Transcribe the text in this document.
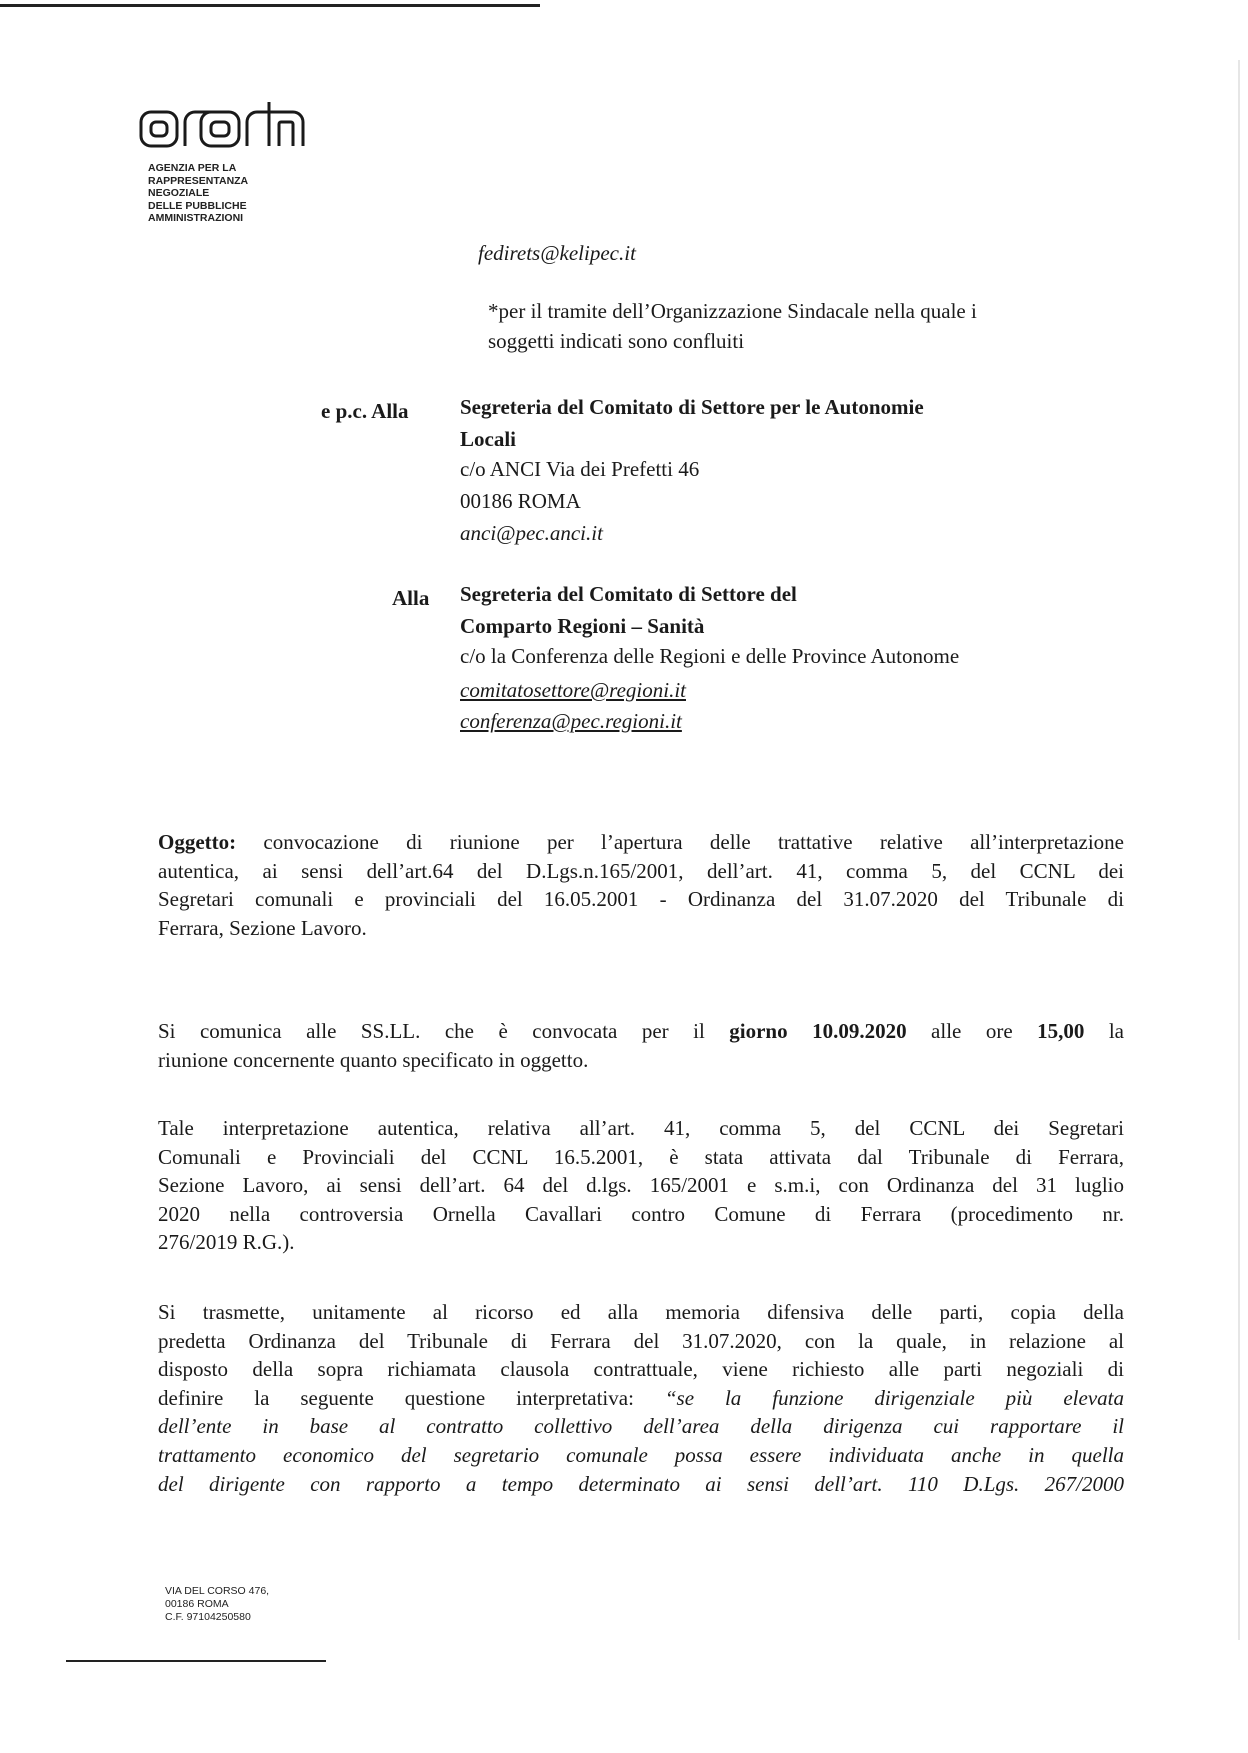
aran
AGENZIA PER LA
RAPPRESENTANZA
NEGOZIALE
DELLE PUBBLICHE
AMMINISTRAZIONI
fedirets@kelipec.it
*per il tramite dell’Organizzazione Sindacale nella quale i
soggetti indicati sono confluiti
e p.c. Alla Segreteria del Comitato di Settore per le Autonomie
Locali
c/o ANCI Via dei Prefetti 46
00186 ROMA
anci@pec.anci.it
Alla Segreteria del Comitato di Settore del
Comparto Regioni – Sanità
c/o la Conferenza delle Regioni e delle Province Autonome
comitatosettore@regioni.it
conferenza@pec.regioni.it
Oggetto: convocazione di riunione per l’apertura delle trattative relative all’interpretazione
autentica, ai sensi dell’art.64 del D.Lgs.n.165/2001, dell’art. 41, comma 5, del CCNL dei
Segretari comunali e provinciali del 16.05.2001 - Ordinanza del 31.07.2020 del Tribunale di
Ferrara, Sezione Lavoro.
Si comunica alle SS.LL. che è convocata per il giorno 10.09.2020 alle ore 15,00 la
riunione concernente quanto specificato in oggetto.
Tale interpretazione autentica, relativa all’art. 41, comma 5, del CCNL dei Segretari
Comunali e Provinciali del CCNL 16.5.2001, è stata attivata dal Tribunale di Ferrara,
Sezione Lavoro, ai sensi dell’art. 64 del d.lgs. 165/2001 e s.m.i, con Ordinanza del 31 luglio
2020 nella controversia Ornella Cavallari contro Comune di Ferrara (procedimento nr.
276/2019 R.G.).
Si trasmette, unitamente al ricorso ed alla memoria difensiva delle parti, copia della
predetta Ordinanza del Tribunale di Ferrara del 31.07.2020, con la quale, in relazione al
disposto della sopra richiamata clausola contrattuale, viene richiesto alle parti negoziali di
definire la seguente questione interpretativa: “se la funzione dirigenziale più elevata
dell’ente in base al contratto collettivo dell’area della dirigenza cui rapportare il
trattamento economico del segretario comunale possa essere individuata anche in quella
del dirigente con rapporto a tempo determinato ai sensi dell’art. 110 D.Lgs. 267/2000
VIA DEL CORSO 476,
00186 ROMA
C.F. 97104250580
